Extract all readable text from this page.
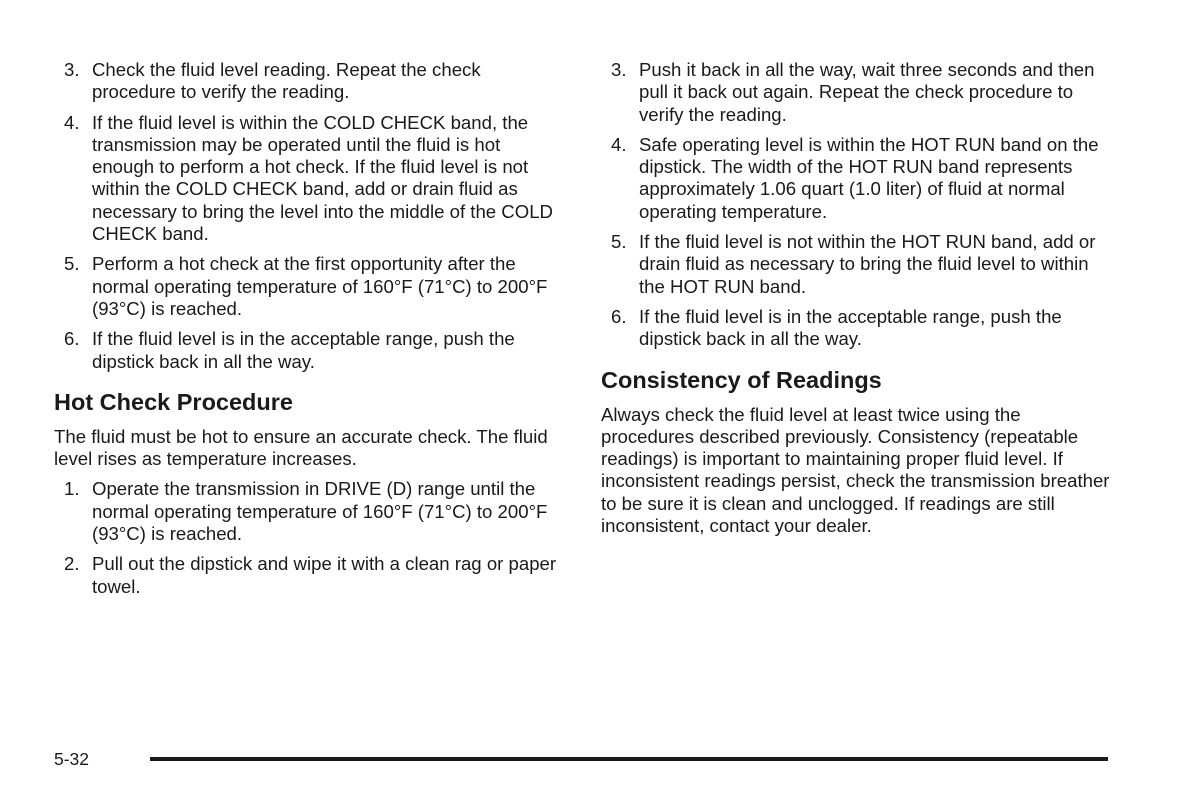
3. Check the fluid level reading. Repeat the check procedure to verify the reading.
4. If the fluid level is within the COLD CHECK band, the transmission may be operated until the fluid is hot enough to perform a hot check. If the fluid level is not within the COLD CHECK band, add or drain fluid as necessary to bring the level into the middle of the COLD CHECK band.
5. Perform a hot check at the first opportunity after the normal operating temperature of 160°F (71°C) to 200°F (93°C) is reached.
6. If the fluid level is in the acceptable range, push the dipstick back in all the way.
Hot Check Procedure

The fluid must be hot to ensure an accurate check. The fluid level rises as temperature increases.

1. Operate the transmission in DRIVE (D) range until the normal operating temperature of 160°F (71°C) to 200°F (93°C) is reached.
2. Pull out the dipstick and wipe it with a clean rag or paper towel.
3. Push it back in all the way, wait three seconds and then pull it back out again. Repeat the check procedure to verify the reading.
4. Safe operating level is within the HOT RUN band on the dipstick. The width of the HOT RUN band represents approximately 1.06 quart (1.0 liter) of fluid at normal operating temperature.
5. If the fluid level is not within the HOT RUN band, add or drain fluid as necessary to bring the fluid level to within the HOT RUN band.
6. If the fluid level is in the acceptable range, push the dipstick back in all the way.
Consistency of Readings

Always check the fluid level at least twice using the procedures described previously. Consistency (repeatable readings) is important to maintaining proper fluid level. If inconsistent readings persist, check the transmission breather to be sure it is clean and unclogged. If readings are still inconsistent, contact your dealer.

5-32
